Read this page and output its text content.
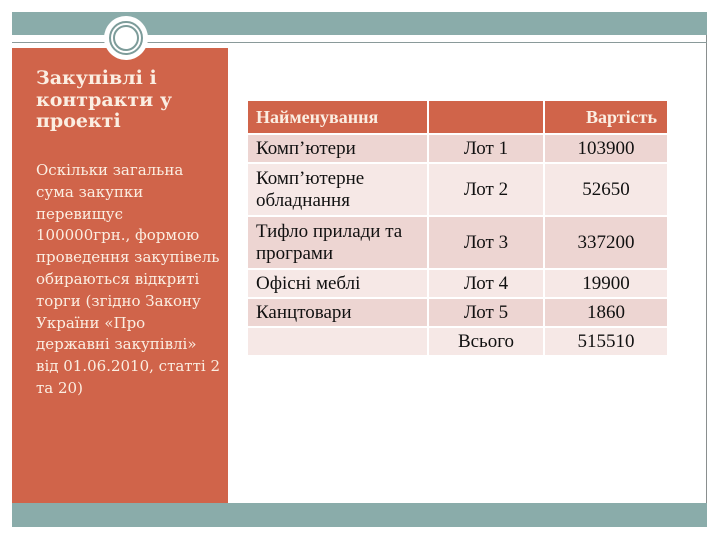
Закупівлі і контракти у проекті
Оскільки загальна сума закупки перевищує 100000грн., формою проведення закупівель обираються відкриті торги (згідно Закону України «Про державні закупівлі» від 01.06.2010, статті 2 та 20)
Найменування		Вартість
Комп’ютери	Лот 1	103900
Комп’ютерне обладнання	Лот 2	52650
Тифло прилади та програми	Лот 3	337200
Офісні меблі	Лот 4	19900
Канцтовари	Лот 5	1860
	Всього	515510
